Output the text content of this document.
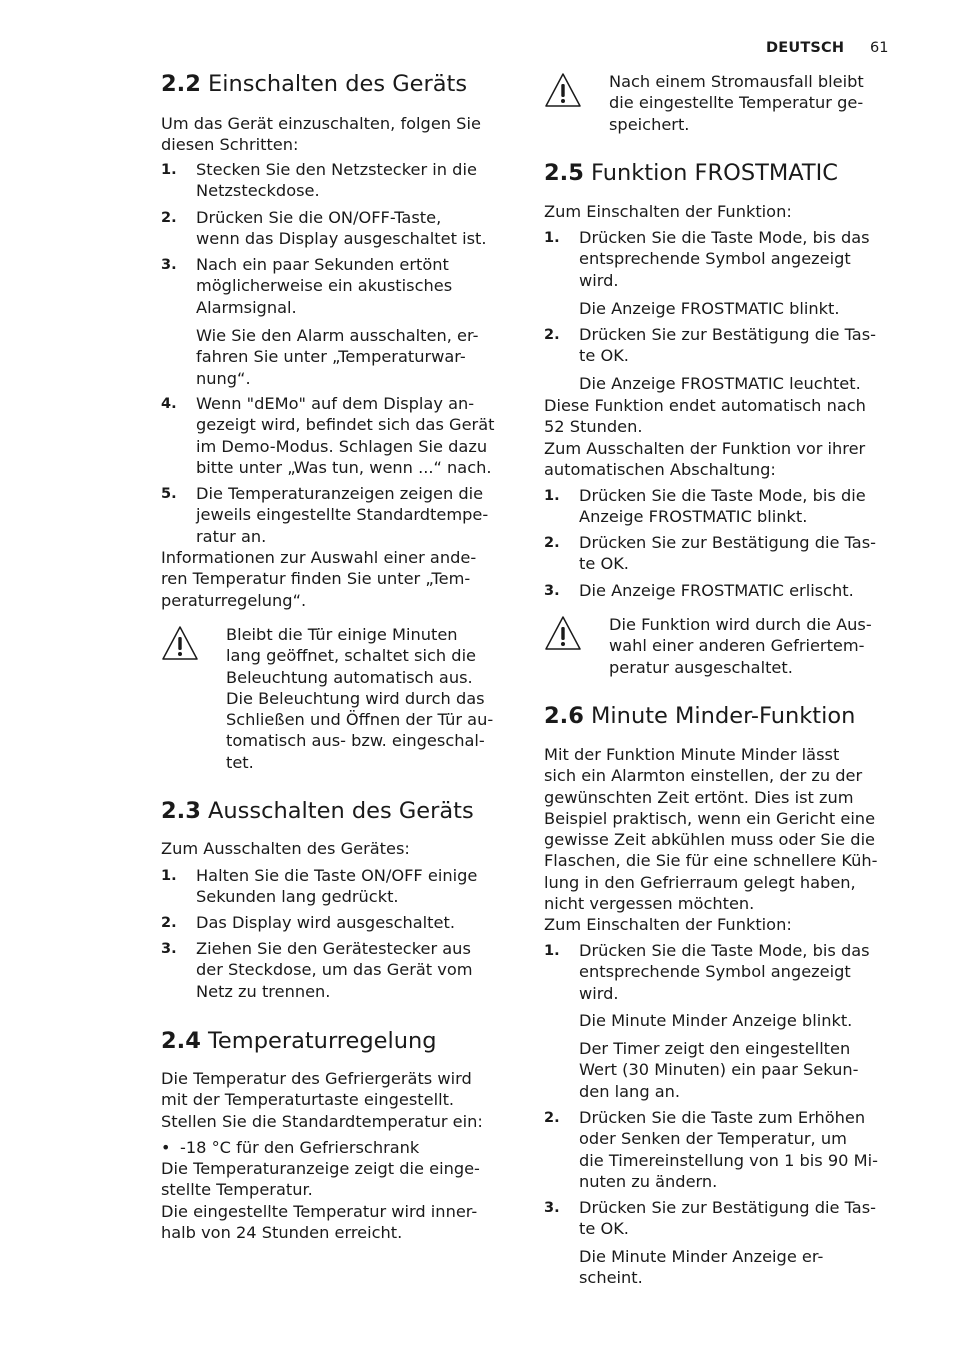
DEUTSCH 61
2.2 Einschalten des Geräts

Um das Gerät einzuschalten, folgen Sie
diesen Schritten:

1. Stecken Sie den Netzstecker in die
Netzsteckdose.

2. Drücken Sie die ON/OFF-Taste,
wenn das Display ausgeschaltet ist.

3. Nach ein paar Sekunden ertönt
möglicherweise ein akustisches
Alarmsignal.

Wie Sie den Alarm ausschalten, er-
fahren Sie unter „Temperaturwar-
nung“.

4. Wenn "dEMo" auf dem Display an-
gezeigt wird, befindet sich das Gerät
im Demo-Modus. Schlagen Sie dazu
bitte unter „Was tun, wenn ...“ nach.

5. Die Temperaturanzeigen zeigen die
jeweils eingestellte Standardtempe-
ratur an.

Informationen zur Auswahl einer ande-
ren Temperatur finden Sie unter „Tem-
peraturregelung“.

Bleibt die Tür einige Minuten
lang geöffnet, schaltet sich die
Beleuchtung automatisch aus.
Die Beleuchtung wird durch das
Schließen und Öffnen der Tür au-
tomatisch aus- bzw. eingeschal-
tet.

2.3 Ausschalten des Geräts

Zum Ausschalten des Gerätes:

1. Halten Sie die Taste ON/OFF einige
Sekunden lang gedrückt.

2. Das Display wird ausgeschaltet.

3. Ziehen Sie den Gerätestecker aus
der Steckdose, um das Gerät vom
Netz zu trennen.

2.4 Temperaturregelung

Die Temperatur des Gefriergeräts wird
mit der Temperaturtaste eingestellt.
Stellen Sie die Standardtemperatur ein:

• -18 °C für den Gefrierschrank

Die Temperaturanzeige zeigt die einge-
stellte Temperatur.
Die eingestellte Temperatur wird inner-
halb von 24 Stunden erreicht.

Nach einem Stromausfall bleibt
die eingestellte Temperatur ge-
speichert.

2.5 Funktion FROSTMATIC

Zum Einschalten der Funktion:

1. Drücken Sie die Taste Mode, bis das
entsprechende Symbol angezeigt
wird.

Die Anzeige FROSTMATIC blinkt.

2. Drücken Sie zur Bestätigung die Tas-
te OK.

Die Anzeige FROSTMATIC leuchtet.

Diese Funktion endet automatisch nach
52 Stunden.
Zum Ausschalten der Funktion vor ihrer
automatischen Abschaltung:

1. Drücken Sie die Taste Mode, bis die
Anzeige FROSTMATIC blinkt.

2. Drücken Sie zur Bestätigung die Tas-
te OK.

3. Die Anzeige FROSTMATIC erlischt.

Die Funktion wird durch die Aus-
wahl einer anderen Gefriertem-
peratur ausgeschaltet.

2.6 Minute Minder-Funktion

Mit der Funktion Minute Minder lässt
sich ein Alarmton einstellen, der zu der
gewünschten Zeit ertönt. Dies ist zum
Beispiel praktisch, wenn ein Gericht eine
gewisse Zeit abkühlen muss oder Sie die
Flaschen, die Sie für eine schnellere Küh-
lung in den Gefrierraum gelegt haben,
nicht vergessen möchten.
Zum Einschalten der Funktion:

1. Drücken Sie die Taste Mode, bis das
entsprechende Symbol angezeigt
wird.

Die Minute Minder Anzeige blinkt.

Der Timer zeigt den eingestellten
Wert (30 Minuten) ein paar Sekun-
den lang an.

2. Drücken Sie die Taste zum Erhöhen
oder Senken der Temperatur, um
die Timereinstellung von 1 bis 90 Mi-
nuten zu ändern.

3. Drücken Sie zur Bestätigung die Tas-
te OK.

Die Minute Minder Anzeige er-
scheint.
